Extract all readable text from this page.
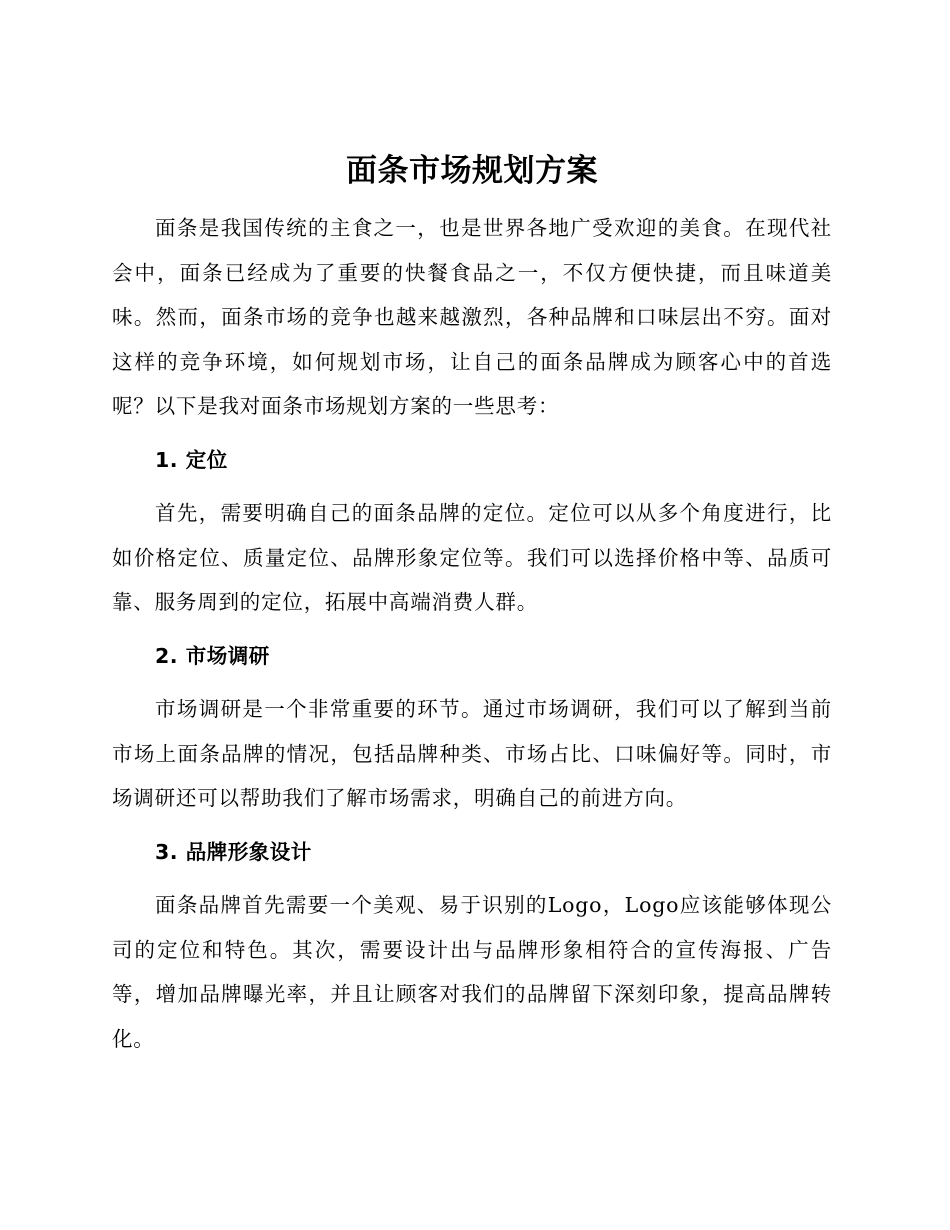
面条市场规划方案

面条是我国传统的主食之一，也是世界各地广受欢迎的美食。在现代社会中，面条已经成为了重要的快餐食品之一，不仅方便快捷，而且味道美味。然而，面条市场的竞争也越来越激烈，各种品牌和口味层出不穷。面对这样的竞争环境，如何规划市场，让自己的面条品牌成为顾客心中的首选呢？以下是我对面条市场规划方案的一些思考：

1. 定位

首先，需要明确自己的面条品牌的定位。定位可以从多个角度进行，比如价格定位、质量定位、品牌形象定位等。我们可以选择价格中等、品质可靠、服务周到的定位，拓展中高端消费人群。

2. 市场调研

市场调研是一个非常重要的环节。通过市场调研，我们可以了解到当前市场上面条品牌的情况，包括品牌种类、市场占比、口味偏好等。同时，市场调研还可以帮助我们了解市场需求，明确自己的前进方向。

3. 品牌形象设计

面条品牌首先需要一个美观、易于识别的Logo，Logo应该能够体现公司的定位和特色。其次，需要设计出与品牌形象相符合的宣传海报、广告等，增加品牌曝光率，并且让顾客对我们的品牌留下深刻印象，提高品牌转化。
